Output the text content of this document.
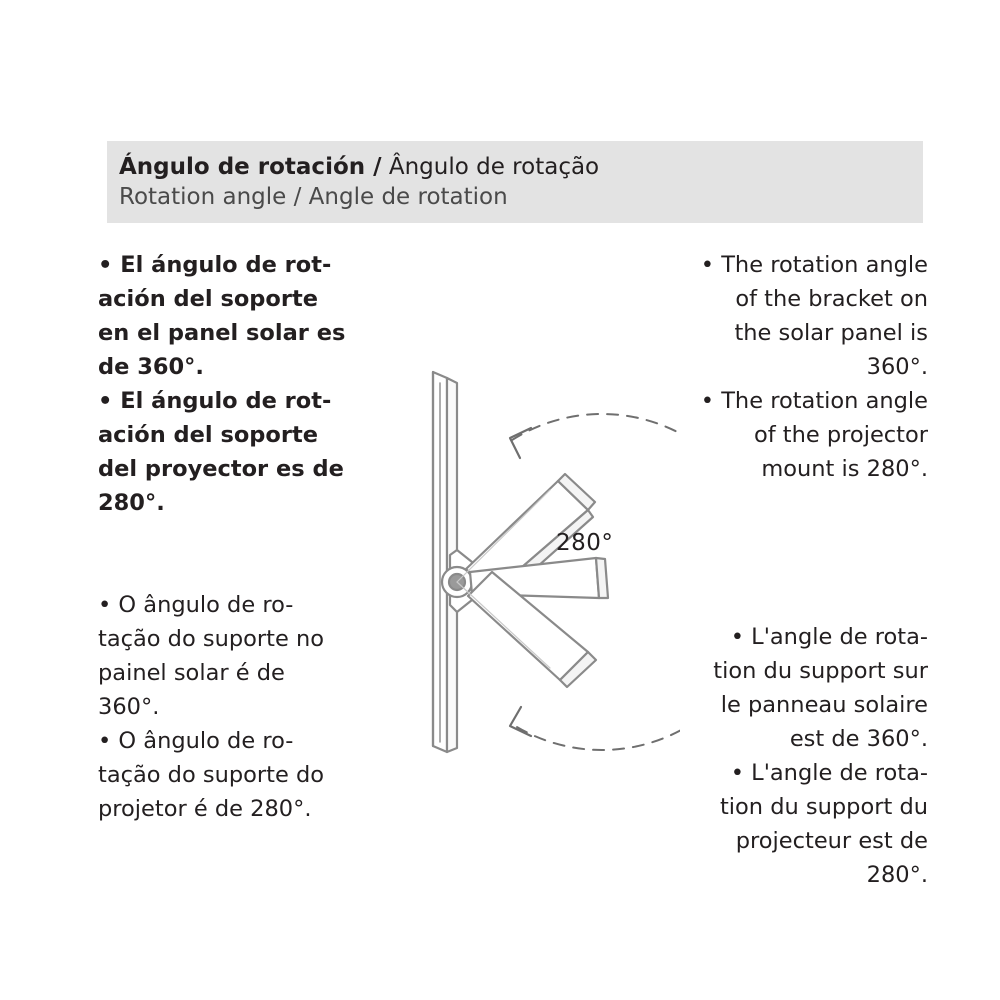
Ángulo de rotación / Ângulo de rotação
Rotation angle / Angle de rotation
• El ángulo de rot-
ación del soporte
en el panel solar es
de 360°.
• El ángulo de rot-
ación del soporte
del proyector es de
280°.
• O ângulo de ro-
tação do suporte no
painel solar é de
360°.
• O ângulo de ro-
tação do suporte do
projetor é de 280°.
• The rotation angle
of the bracket on
the solar panel is
360°.
• The rotation angle
of the projector
mount is 280°.
• L'angle de rota-
tion du support sur
le panneau solaire
est de 360°.
• L'angle de rota-
tion du support du
projecteur est de
280°.
280°
